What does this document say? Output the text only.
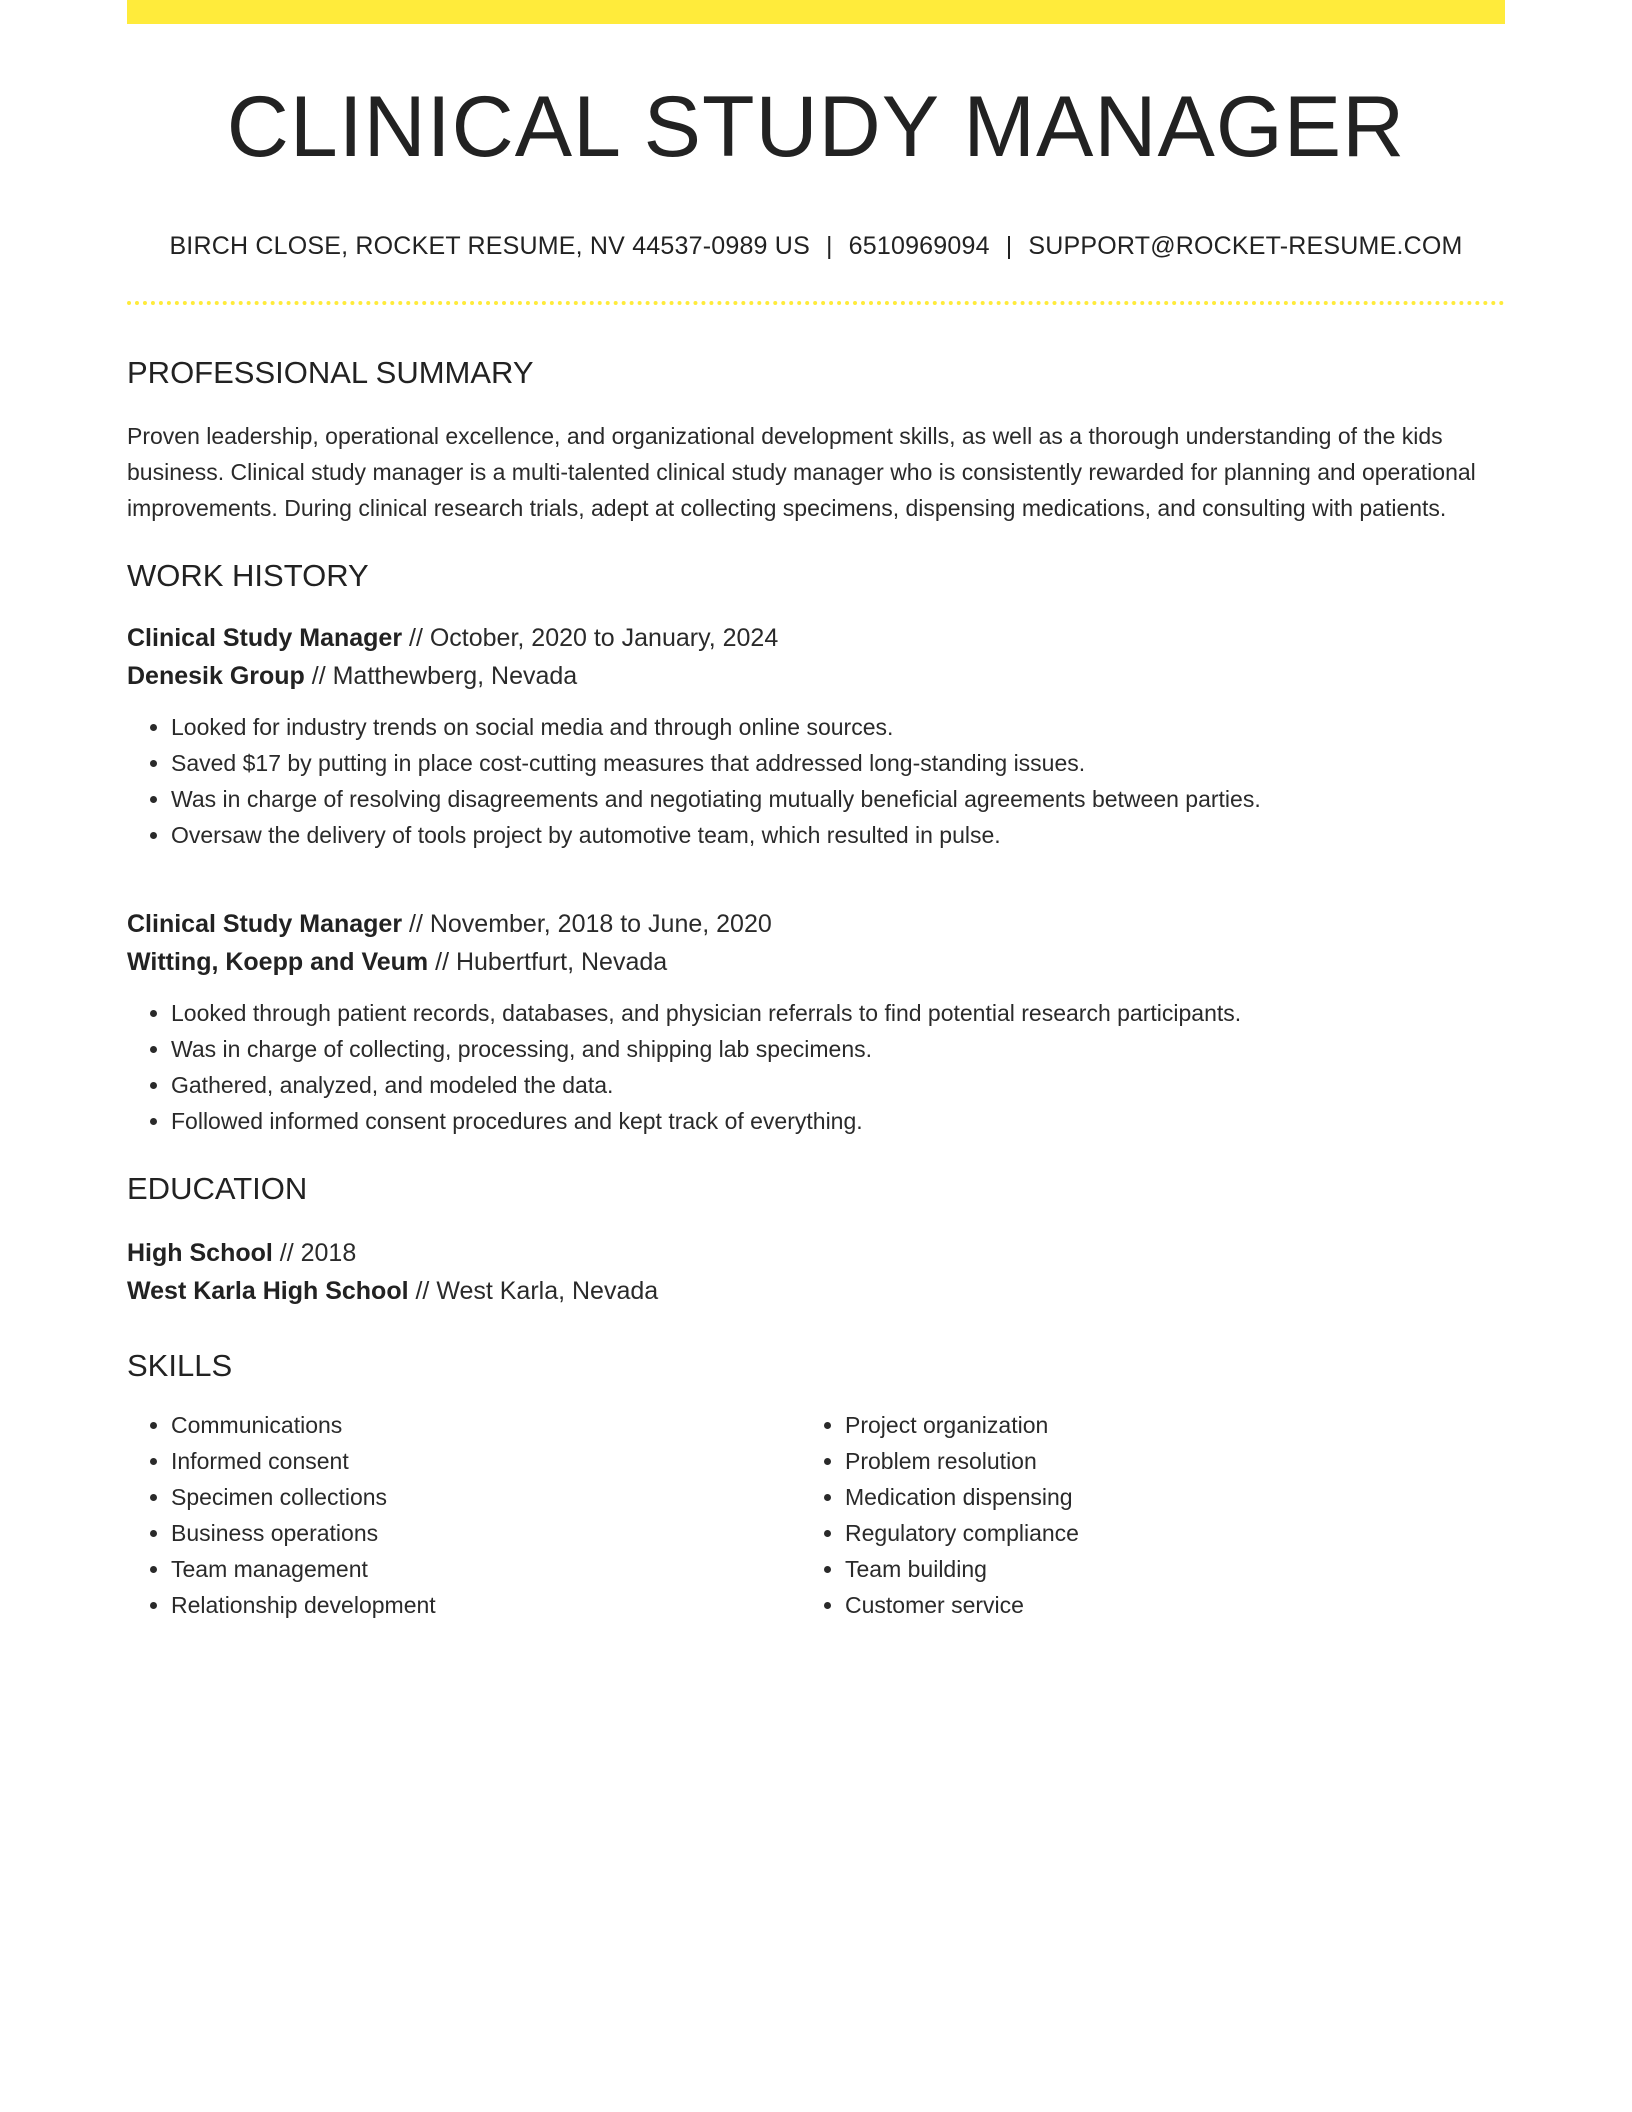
CLINICAL STUDY MANAGER
BIRCH CLOSE, ROCKET RESUME, NV 44537-0989 US | 6510969094 | SUPPORT@ROCKET-RESUME.COM
PROFESSIONAL SUMMARY
Proven leadership, operational excellence, and organizational development skills, as well as a thorough understanding of the kids business. Clinical study manager is a multi-talented clinical study manager who is consistently rewarded for planning and operational improvements. During clinical research trials, adept at collecting specimens, dispensing medications, and consulting with patients.
WORK HISTORY
Clinical Study Manager // October, 2020 to January, 2024
Denesik Group // Matthewberg, Nevada
• Looked for industry trends on social media and through online sources.
• Saved $17 by putting in place cost-cutting measures that addressed long-standing issues.
• Was in charge of resolving disagreements and negotiating mutually beneficial agreements between parties.
• Oversaw the delivery of tools project by automotive team, which resulted in pulse.
Clinical Study Manager // November, 2018 to June, 2020
Witting, Koepp and Veum // Hubertfurt, Nevada
• Looked through patient records, databases, and physician referrals to find potential research participants.
• Was in charge of collecting, processing, and shipping lab specimens.
• Gathered, analyzed, and modeled the data.
• Followed informed consent procedures and kept track of everything.
EDUCATION
High School // 2018
West Karla High School // West Karla, Nevada
SKILLS
• Communications
• Informed consent
• Specimen collections
• Business operations
• Team management
• Relationship development
• Project organization
• Problem resolution
• Medication dispensing
• Regulatory compliance
• Team building
• Customer service
